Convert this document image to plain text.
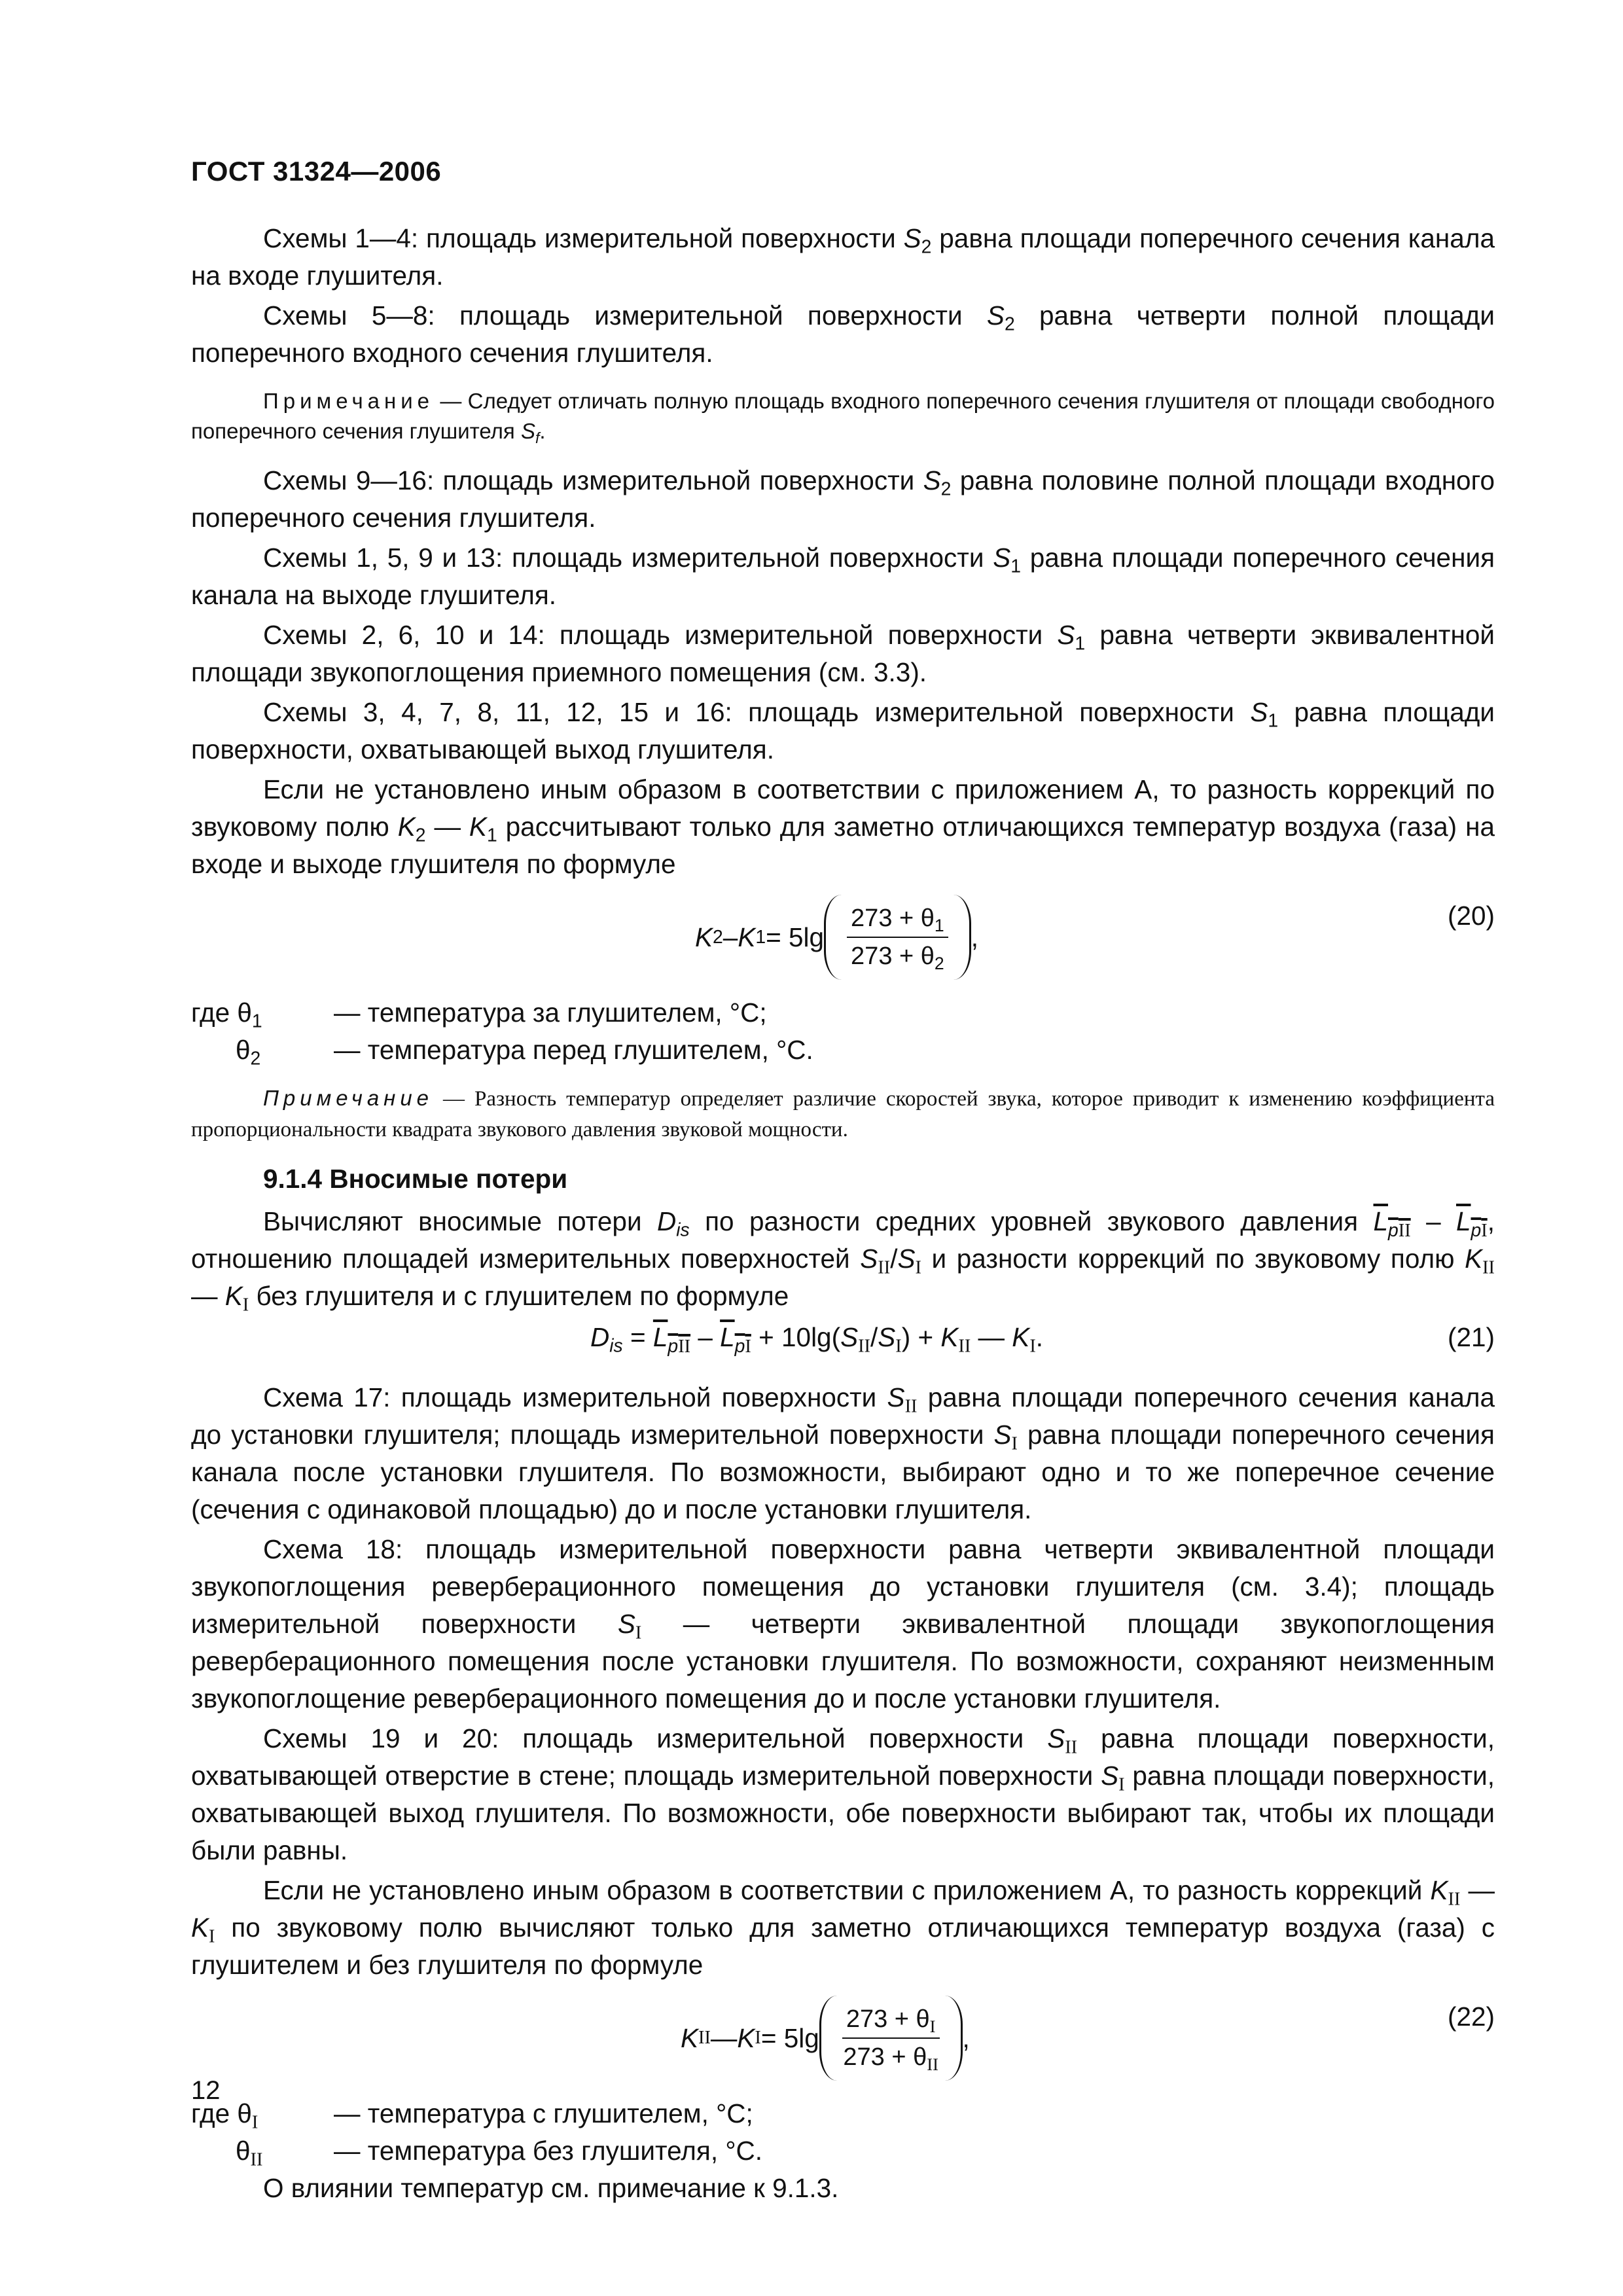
ГОСТ 31324—2006

Схемы 1—4: площадь измерительной поверхности $S_2$ равна площади поперечного сечения канала на входе глушителя.

Схемы 5—8: площадь измерительной поверхности $S_2$ равна четверти полной площади поперечного входного сечения глушителя.

Примечание — Следует отличать полную площадь входного поперечного сечения глушителя от площади свободного поперечного сечения глушителя $S_f$.

Схемы 9—16: площадь измерительной поверхности $S_2$ равна половине полной площади входного поперечного сечения глушителя.

Схемы 1, 5, 9 и 13: площадь измерительной поверхности $S_1$ равна площади поперечного сечения канала на выходе глушителя.

Схемы 2, 6, 10 и 14: площадь измерительной поверхности $S_1$ равна четверти эквивалентной площади звукопоглощения приемного помещения (см. 3.3).

Схемы 3, 4, 7, 8, 11, 12, 15 и 16: площадь измерительной поверхности $S_1$ равна площади поверхности, охватывающей выход глушителя.

Если не установлено иным образом в соответствии с приложением А, то разность коррекций по звуковому полю $K_2$ — $K_1$ рассчитывают только для заметно отличающихся температур воздуха (газа) на входе и выходе глушителя по формуле

K 2 – K $1 = 5\lg \frac{273 + \theta_1}{273 + \theta_2}$ ,
(20)
где $\theta_1$	— температура за глушителем, °С;
$\theta_2$	— температура перед глушителем, °С.

Примечание — Разность температур определяет различие скоростей звука, которое приводит к изменению коэффициента пропорциональности квадрата звукового давления звуковой мощности.

9.1.4 Вносимые потери

Вычисляют вносимые потери $D_{is}$ по разности средних уровней звукового давления $L_{pII} - L_{pI}$, отношению площадей измерительных поверхностей $S_{II}/S_I$ и разности коррекций по звуковому полю $K_{II}$ — $K_I$ без глушителя и с глушителем по формуле

$D_{is} = L_{pII} - L_{pI} + 10\lg(S_{II}/S_I) + K_{II}$ — $K_I$.	(21)

Схема 17: площадь измерительной поверхности $S_{II}$ равна площади поперечного сечения канала до установки глушителя; площадь измерительной поверхности $S_I$ равна площади поперечного сечения канала после установки глушителя. По возможности, выбирают одно и то же поперечное сечение (сечения с одинаковой площадью) до и после установки глушителя.

Схема 18: площадь измерительной поверхности равна четверти эквивалентной площади звукопоглощения реверберационного помещения до установки глушителя (см. 3.4); площадь измерительной поверхности $S_I$ — четверти эквивалентной площади звукопоглощения реверберационного помещения после установки глушителя. По возможности, сохраняют неизменным звукопоглощение реверберационного помещения до и после установки глушителя.

Схемы 19 и 20: площадь измерительной поверхности $S_{II}$ равна площади поверхности, охватывающей отверстие в стене; площадь измерительной поверхности $S_I$ равна площади поверхности, охватывающей выход глушителя. По возможности, обе поверхности выбирают так, чтобы их площади были равны.

Если не установлено иным образом в соответствии с приложением А, то разность коррекций $K_{II}$ — $K_I$ по звуковому полю вычисляют только для заметно отличающихся температур воздуха (газа) с глушителем и без глушителя по формуле

K II — K $I = 5\lg \frac{273 + \theta_I}{273 + \theta_{II}}$ ,
(22)
где $\theta_I$	— температура с глушителем, °С;
$\theta_{II}$	— температура без глушителя, °С.

О влиянии температур см. примечание к 9.1.3.

12
